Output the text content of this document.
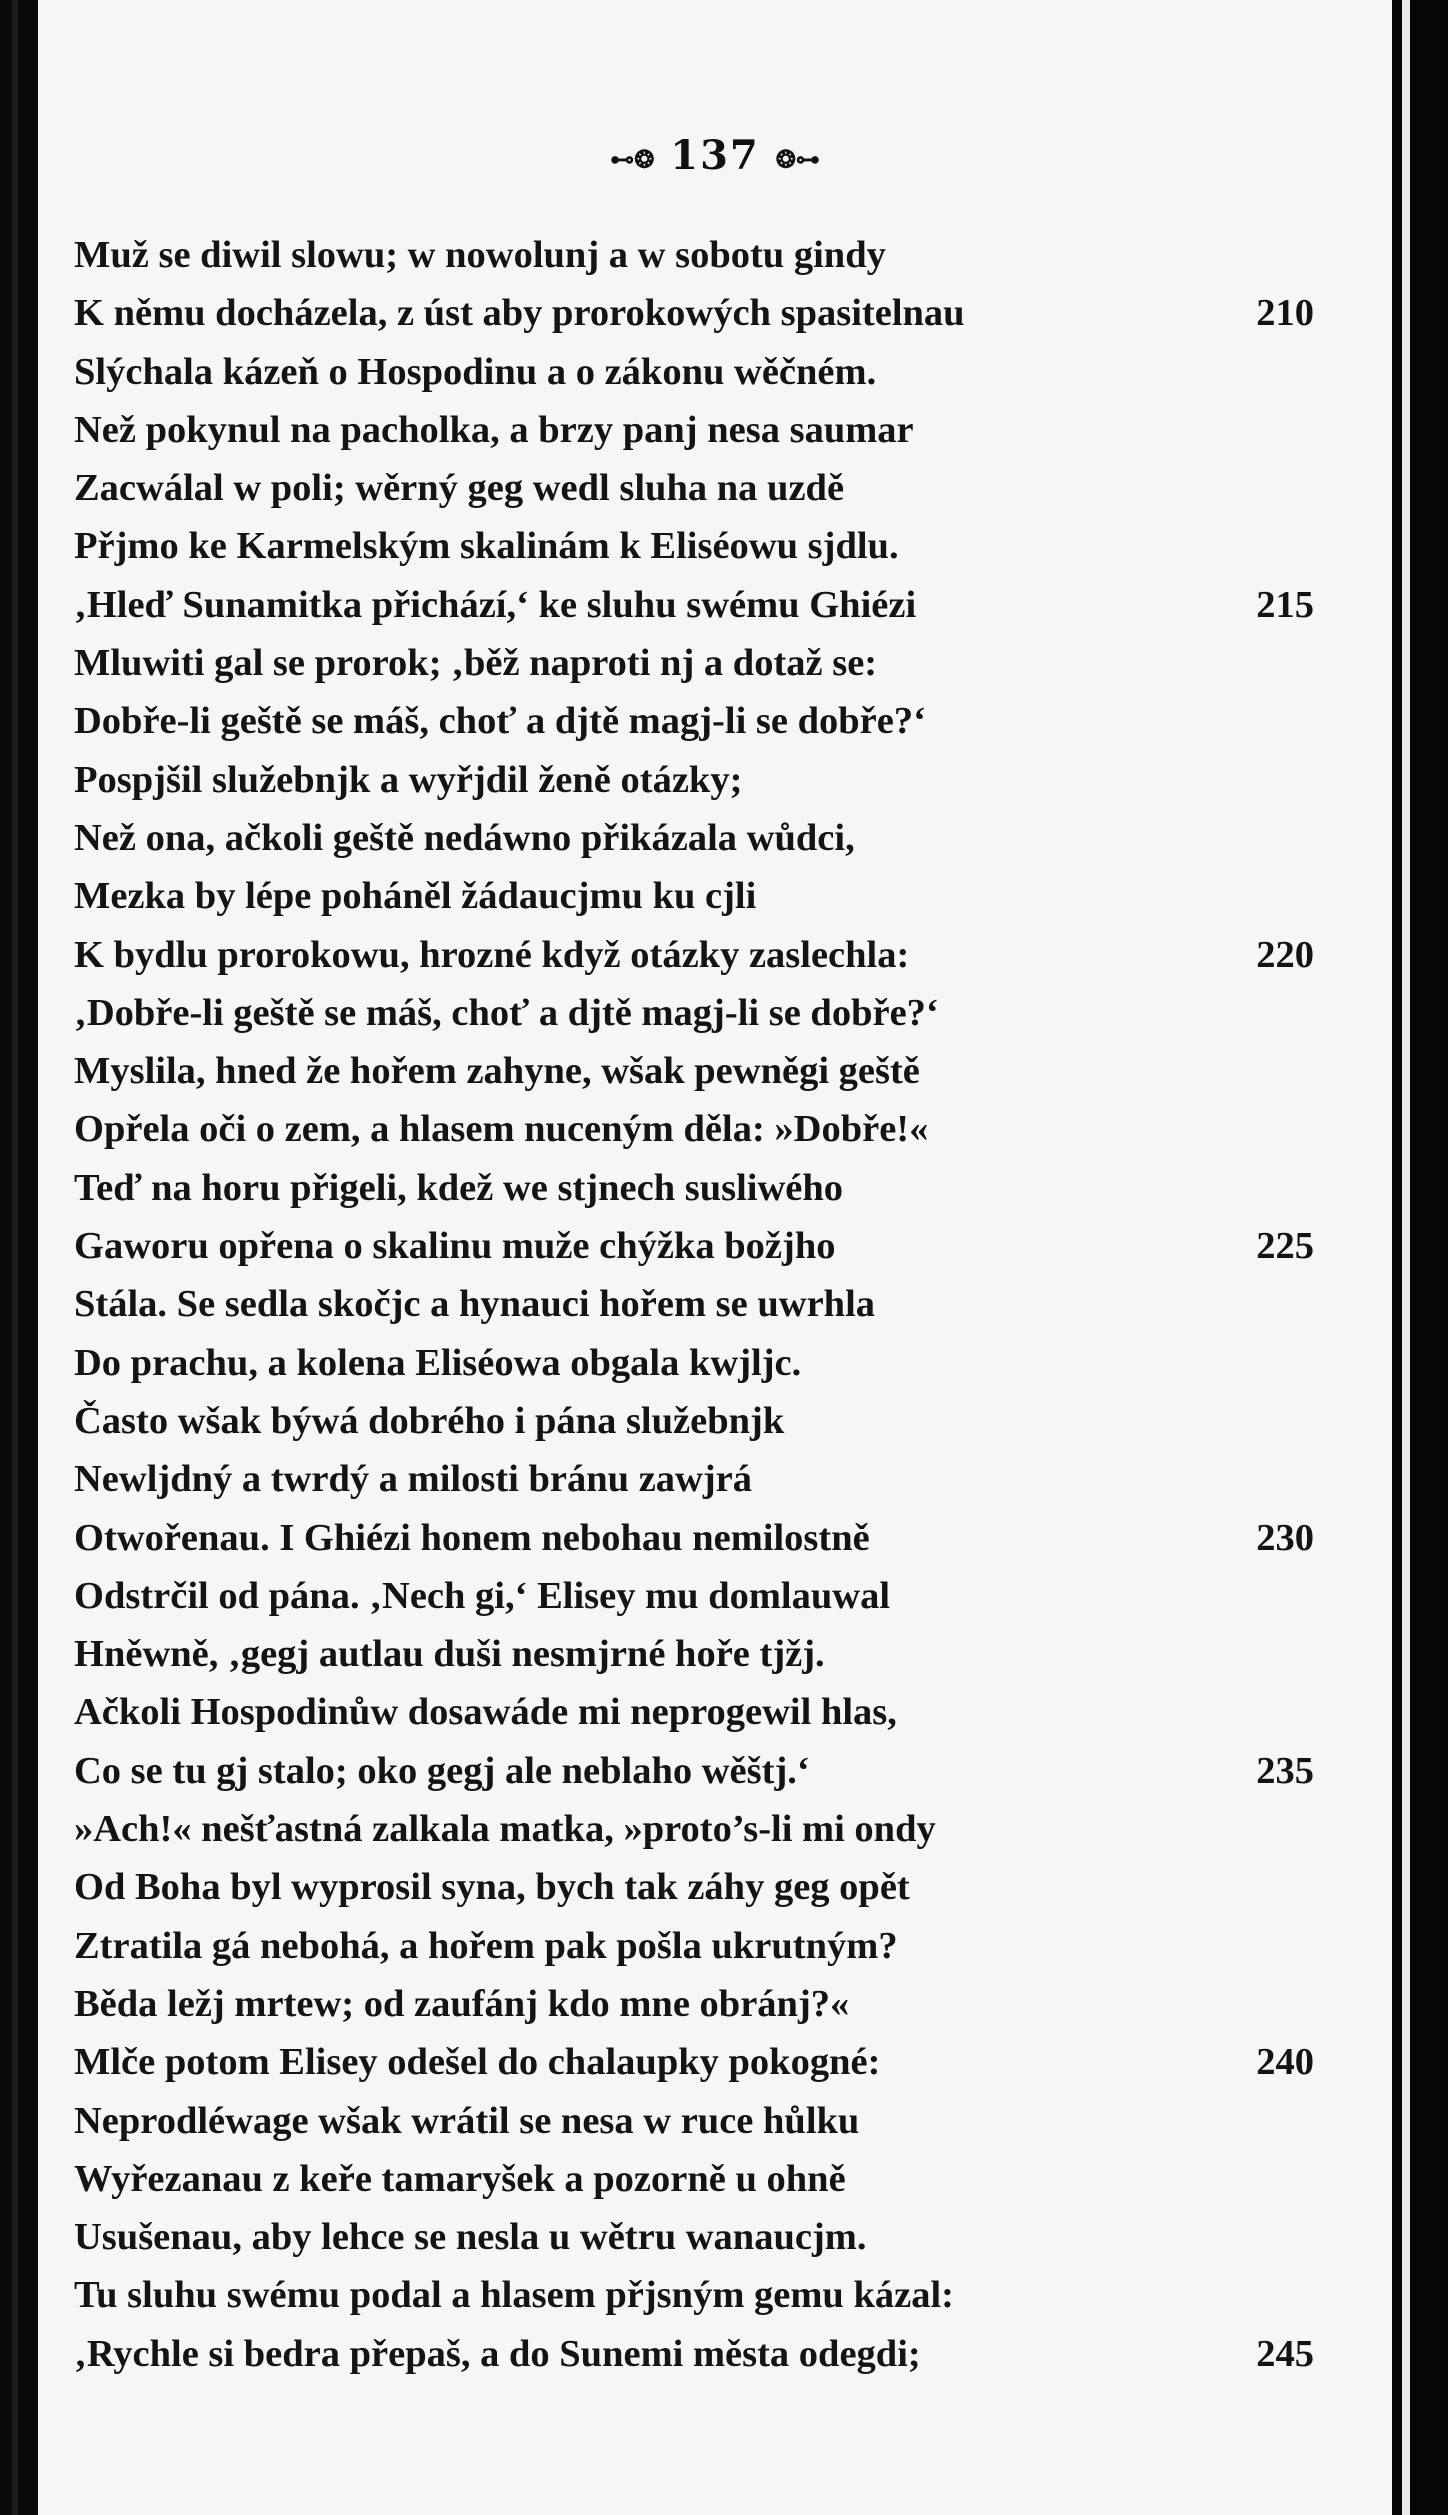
⊷❂ 137 ❂⊶
Muž se diwil slowu; w nowolunj a w sobotu gindy
K němu docházela, z úst aby prorokowých spasitelnau	210
Slýchala kázeň o Hospodinu a o zákonu wěčném.
Než pokynul na pacholka, a brzy panj nesa saumar
Zacwálal w poli; wěrný geg wedl sluha na uzdě
Přjmo ke Karmelským skalinám k Eliséowu sjdlu.
‚Hleď Sunamitka přichází,‘ ke sluhu swému Ghiézi	215
Mluwiti gal se prorok; ‚běž naproti nj a dotaž se:
Dobře-li geště se máš, choť a djtě magj-li se dobře?‘
Pospjšil služebnjk a wyřjdil ženě otázky;
Než ona, ačkoli geště nedáwno přikázala wůdci,
Mezka by lépe poháněl žádaucjmu ku cjli
K bydlu prorokowu, hrozné když otázky zaslechla:	220
‚Dobře-li geště se máš, choť a djtě magj-li se dobře?‘
Myslila, hned že hořem zahyne, wšak pewněgi geště
Opřela oči o zem, a hlasem nuceným děla: »Dobře!«
Teď na horu přigeli, kdež we stjnech susliwého
Gaworu opřena o skalinu muže chýžka božjho	225
Stála. Se sedla skočjc a hynauci hořem se uwrhla
Do prachu, a kolena Eliséowa obgala kwjljc.
Často wšak býwá dobrého i pána služebnjk
Newljdný a twrdý a milosti bránu zawjrá
Otwořenau. I Ghiézi honem nebohau nemilostně	230
Odstrčil od pána. ‚Nech gi,‘ Elisey mu domlauwal
Hněwně, ‚gegj autlau duši nesmjrné hoře tjžj.
Ačkoli Hospodinůw dosawáde mi neprogewil hlas,
Co se tu gj stalo; oko gegj ale neblaho wěštj.‘	235
»Ach!« nešťastná zalkala matka, »proto’s-li mi ondy
Od Boha byl wyprosil syna, bych tak záhy geg opět
Ztratila gá nebohá, a hořem pak pošla ukrutným?
Běda ležj mrtew; od zaufánj kdo mne obránj?«
Mlče potom Elisey odešel do chalaupky pokogné:	240
Neprodléwage wšak wrátil se nesa w ruce hůlku
Wyřezanau z keře tamaryšek a pozorně u ohně
Usušenau, aby lehce se nesla u wětru wanaucjm.
Tu sluhu swému podal a hlasem přjsným gemu kázal:
‚Rychle si bedra přepaš, a do Sunemi města odegdi;	245
